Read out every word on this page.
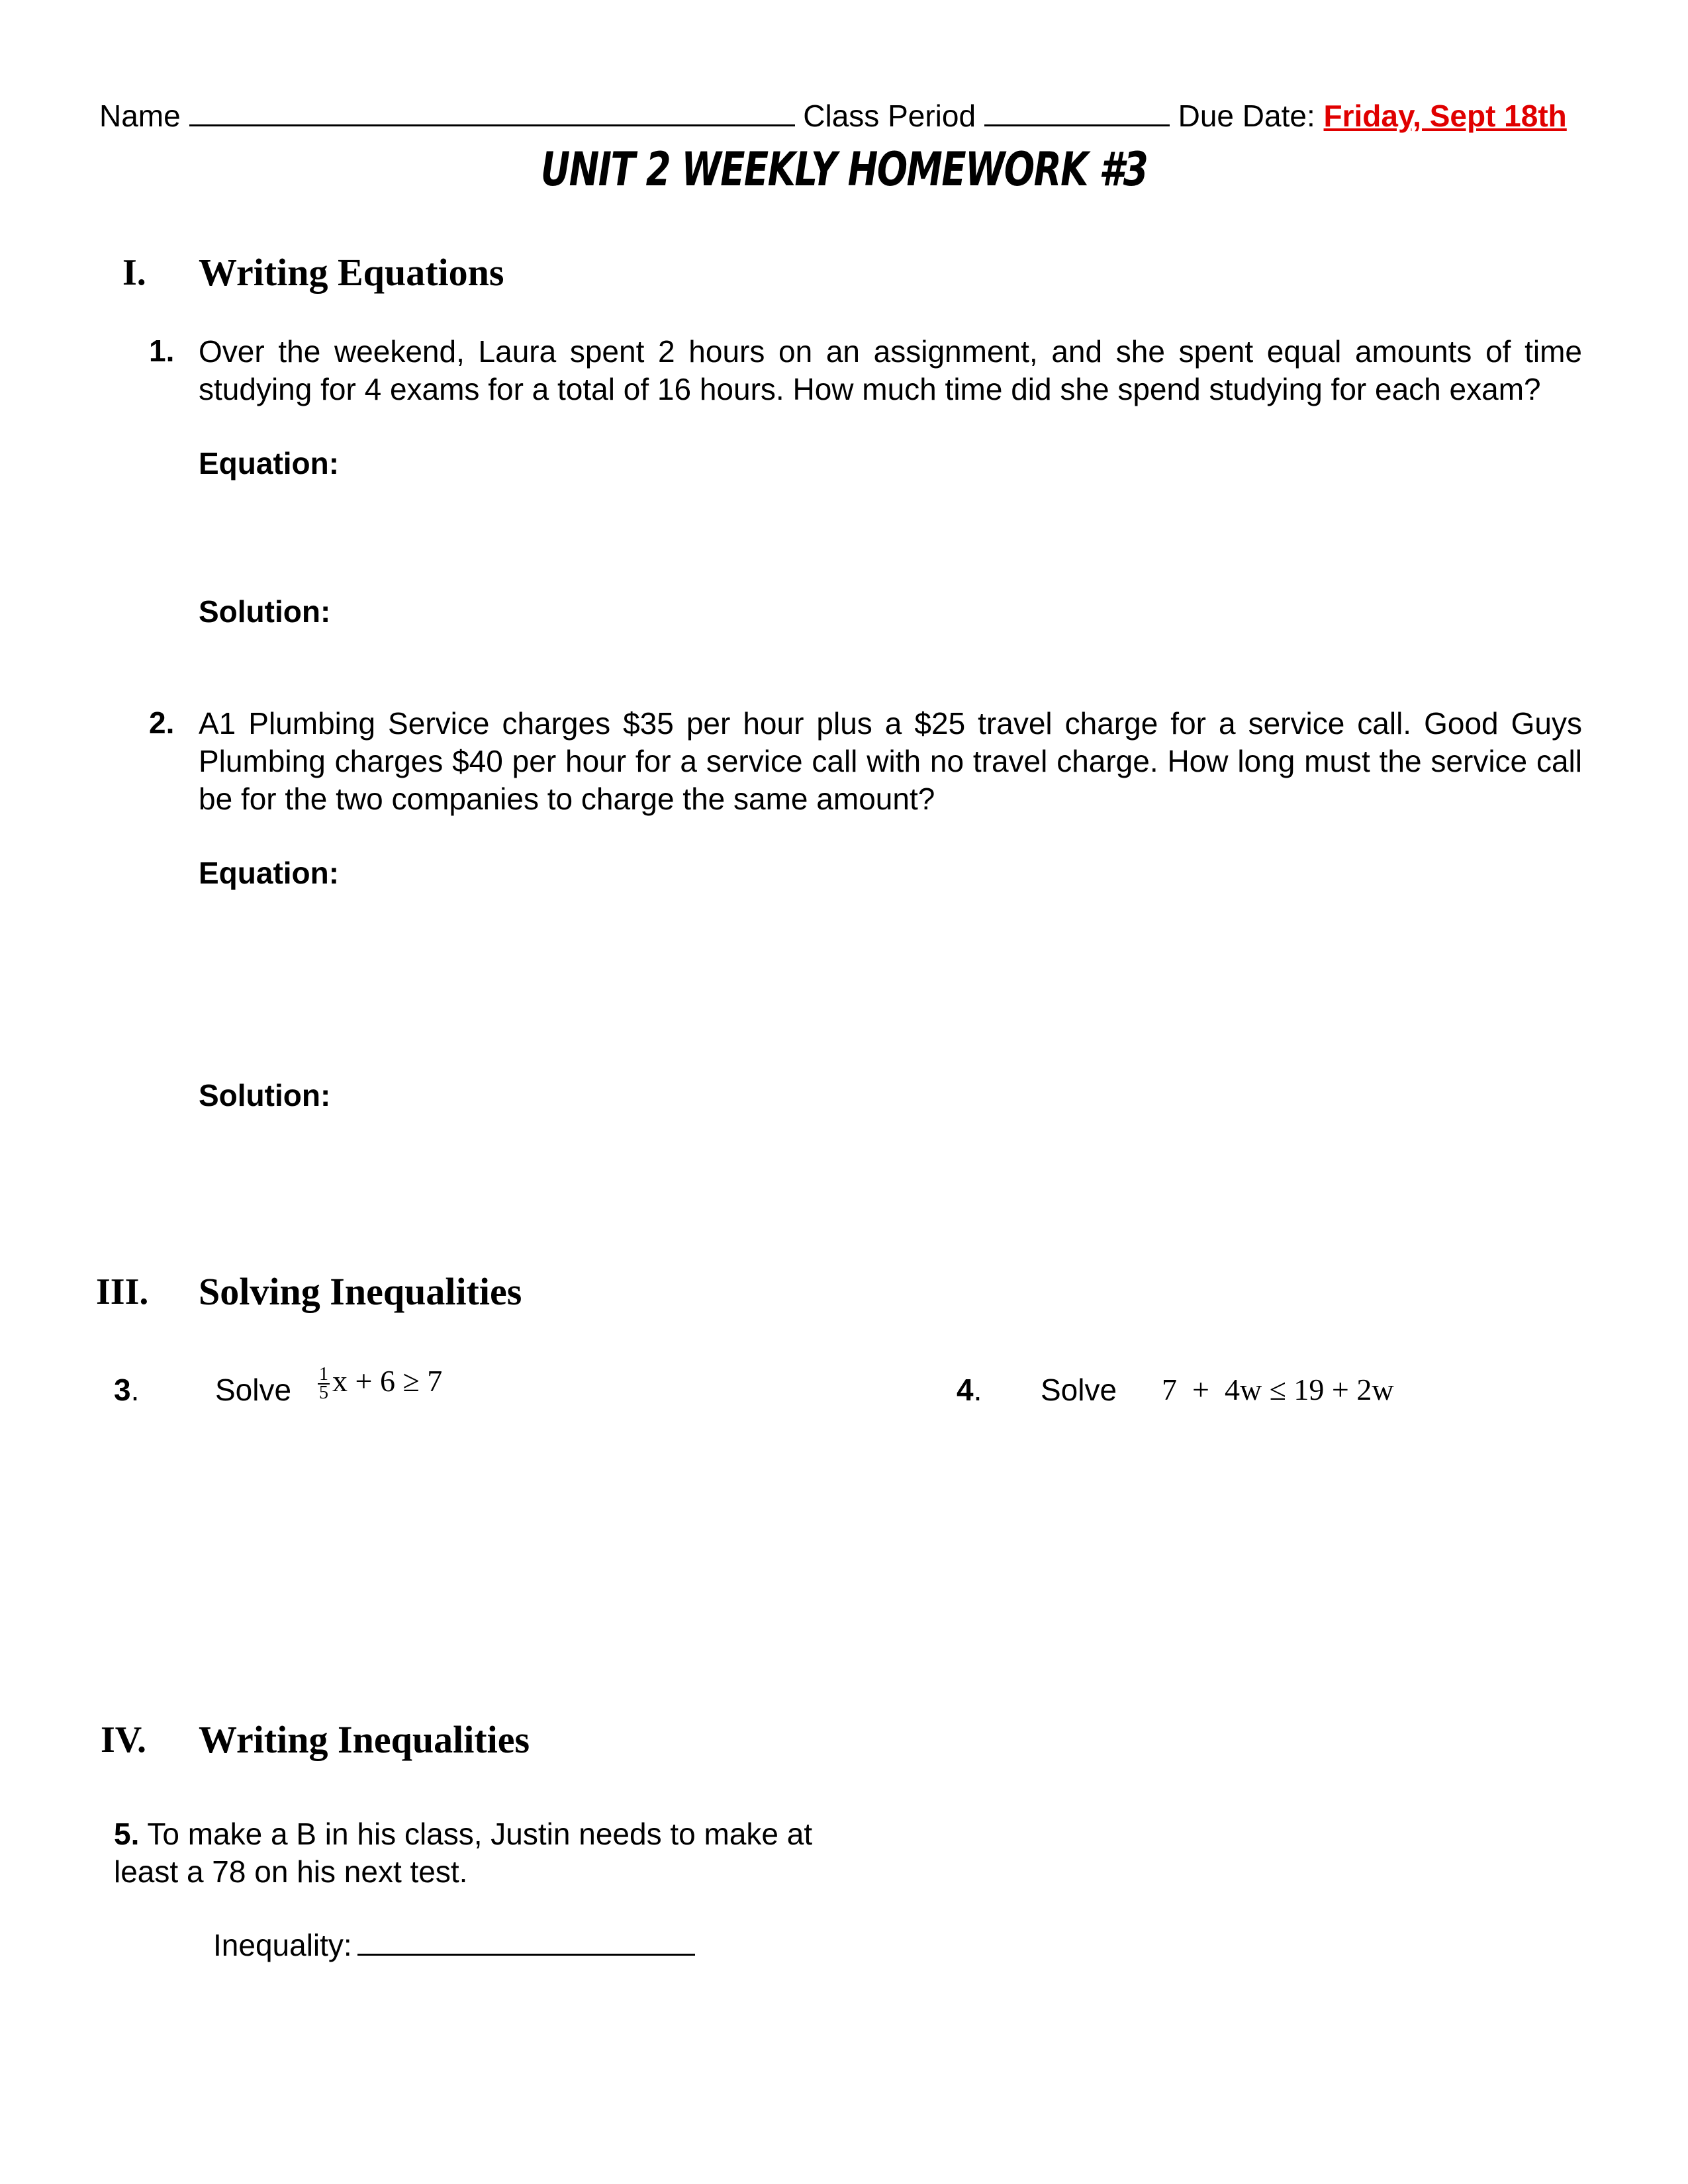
Name	Class Period	Due Date: Friday, Sept 18th
UNIT 2 WEEKLY HOMEWORK #3
I. Writing Equations
1. Over the weekend, Laura spent 2 hours on an assignment, and she spent equal amounts of time studying for 4 exams for a total of 16 hours. How much time did she spend studying for each exam?
Equation:
Solution:
2. A1 Plumbing Service charges $35 per hour plus a $25 travel charge for a service call. Good Guys Plumbing charges $40 per hour for a service call with no travel charge. How long must the service call be for the two companies to charge the same amount?
Equation:
Solution:
III. Solving Inequalities
3. Solve $\frac{1}{5}$ x + 6 ≥ 7	4. Solve 7  +  4w ≤ 19 + 2w
IV. Writing Inequalities
5. To make a B in his class, Justin needs to make at
least a 78 on his next test.
Inequality:
